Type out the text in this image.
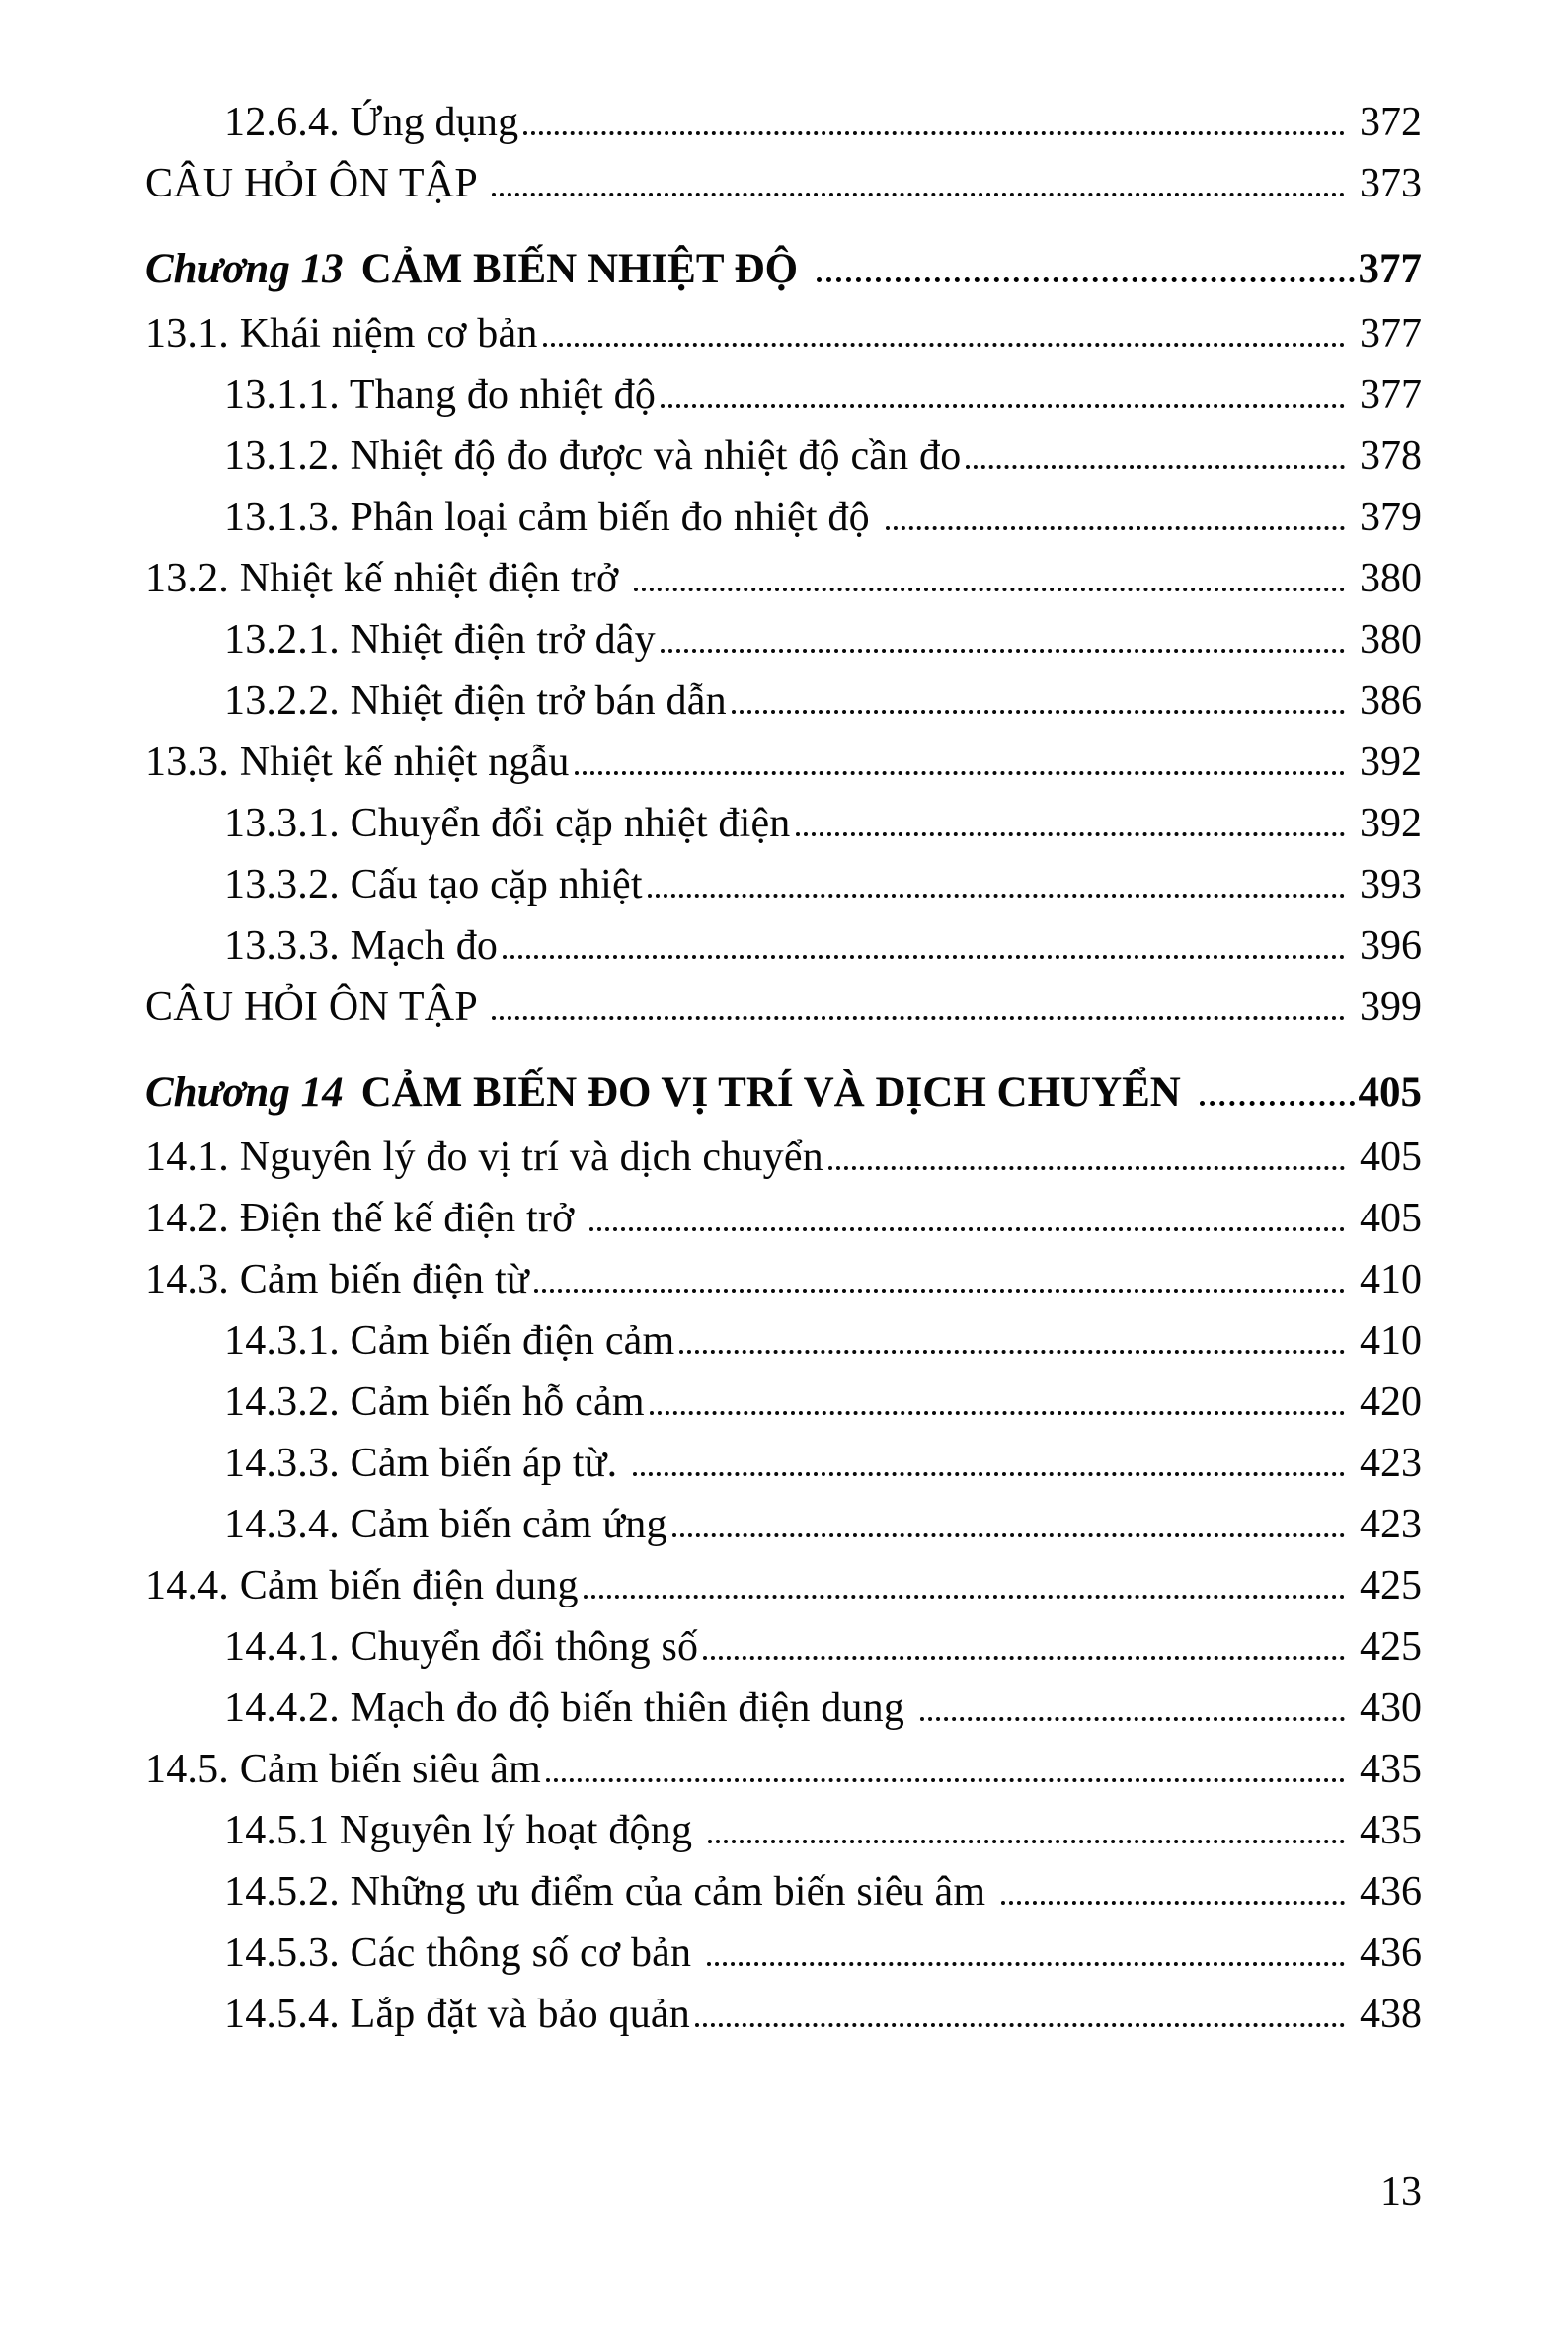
12.6.4. Ứng dụng	372
CÂU HỎI ÔN TẬP	373
Chương 13 CẢM BIẾN NHIỆT ĐỘ	377
13.1. Khái niệm cơ bản	377
13.1.1. Thang đo nhiệt độ	377
13.1.2. Nhiệt độ đo được và nhiệt độ cần đo	378
13.1.3. Phân loại cảm biến đo nhiệt độ	379
13.2. Nhiệt kế nhiệt điện trở	380
13.2.1. Nhiệt điện trở dây	380
13.2.2. Nhiệt điện trở bán dẫn	386
13.3. Nhiệt kế nhiệt ngẫu	392
13.3.1. Chuyển đổi cặp nhiệt điện	392
13.3.2. Cấu tạo cặp nhiệt	393
13.3.3. Mạch đo	396
CÂU HỎI ÔN TẬP	399
Chương 14 CẢM BIẾN ĐO VỊ TRÍ VÀ DỊCH CHUYỂN	405
14.1. Nguyên lý đo vị trí và dịch chuyển	405
14.2. Điện thế kế điện trở	405
14.3. Cảm biến điện từ	410
14.3.1. Cảm biến điện cảm	410
14.3.2. Cảm biến hỗ cảm	420
14.3.3. Cảm biến áp từ.	423
14.3.4. Cảm biến cảm ứng	423
14.4. Cảm biến điện dung	425
14.4.1. Chuyển đổi thông số	425
14.4.2. Mạch đo độ biến thiên điện dung	430
14.5. Cảm biến siêu âm	435
14.5.1 Nguyên lý hoạt động	435
14.5.2. Những ưu điểm của cảm biến siêu âm	436
14.5.3. Các thông số cơ bản	436
14.5.4. Lắp đặt và bảo quản	438
13
